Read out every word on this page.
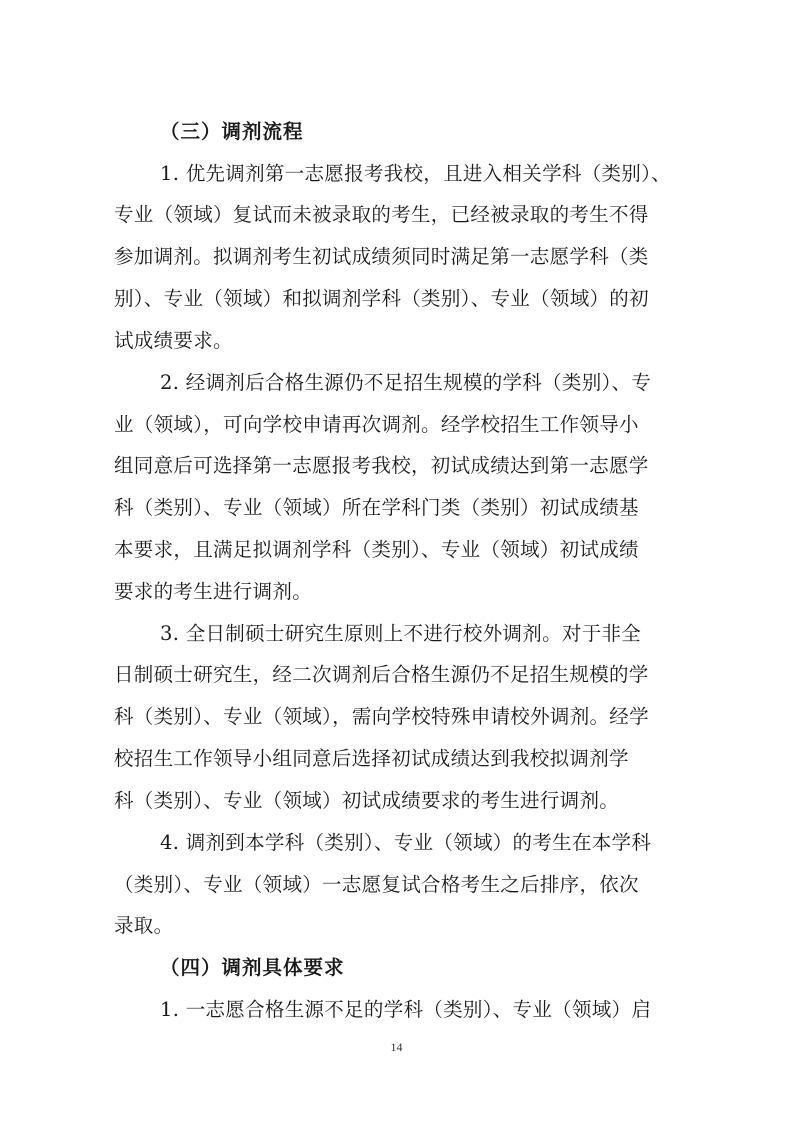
（三）调剂流程
1. 优先调剂第一志愿报考我校，且进入相关学科（类别）、
专业（领域）复试而未被录取的考生，已经被录取的考生不得
参加调剂。拟调剂考生初试成绩须同时满足第一志愿学科（类
别）、专业（领域）和拟调剂学科（类别）、专业（领域）的初
试成绩要求。
2. 经调剂后合格生源仍不足招生规模的学科（类别）、专
业（领域），可向学校申请再次调剂。经学校招生工作领导小
组同意后可选择第一志愿报考我校，初试成绩达到第一志愿学
科（类别）、专业（领域）所在学科门类（类别）初试成绩基
本要求，且满足拟调剂学科（类别）、专业（领域）初试成绩
要求的考生进行调剂。
3. 全日制硕士研究生原则上不进行校外调剂。对于非全
日制硕士研究生，经二次调剂后合格生源仍不足招生规模的学
科（类别）、专业（领域），需向学校特殊申请校外调剂。经学
校招生工作领导小组同意后选择初试成绩达到我校拟调剂学
科（类别）、专业（领域）初试成绩要求的考生进行调剂。
4. 调剂到本学科（类别）、专业（领域）的考生在本学科
（类别）、专业（领域）一志愿复试合格考生之后排序，依次
录取。
（四）调剂具体要求
1. 一志愿合格生源不足的学科（类别）、专业（领域）启
14
